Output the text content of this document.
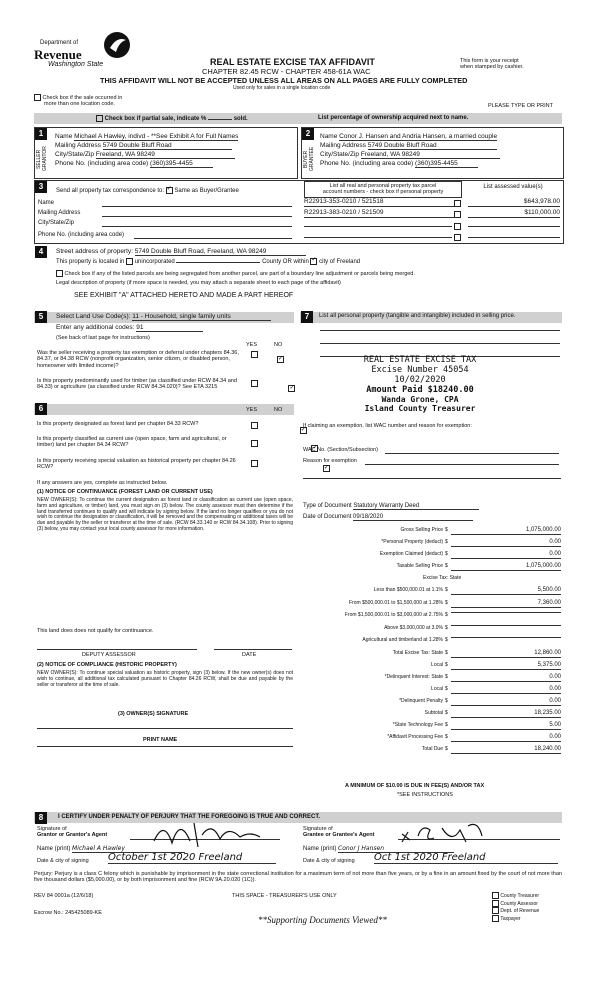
Department of
Revenue
Washington State	REAL ESTATE EXCISE TAX AFFIDAVIT
CHAPTER 82.45 RCW - CHAPTER 458-61A WAC
THIS AFFIDAVIT WILL NOT BE ACCEPTED UNLESS ALL AREAS ON ALL PAGES ARE FULLY COMPLETED
This form is your receipt
when stamped by cashier.
Used only for sales in a single location code
Check box if the sale occurred in
more than one location code.	PLEASE TYPE OR PRINT
Check box if partial sale, indicate %	sold.	List percentage of ownership acquired next to name.
1
SELLER GRANTOR
Name Michael A Hawley, indivd - **See Exhibit A for Full Names
Mailing Address 5749 Double Bluff Road
City/State/Zip Freeland, WA 98249
Phone No. (including area code) (360)395-4455
2
BUYER GRANTEE
Name Conor J. Hansen and Andria Hansen, a married couple
Mailing Address 5749 Double Bluff Road
City/State/Zip Freeland, WA 98249
Phone No. (including area code) (360)395-4455
3
Send all property tax correspondence to: ✓ Same as Buyer/Grantee
Name
Mailing Address
City/State/Zip
Phone No. (including area code)
List all real and personal property tax parcel
account numbers - check box if personal property
List assessed value(s)
R22913-353-0210 / 521518	$643,978.00
R22913-383-0210 / 521509	$110,000.00
4	Street address of property: 5749 Double Bluff Road, Freeland, WA 98249
This property is located in unincorporated	County OR within ✓ city of Freeland
Check box if any of the listed parcels are being segregated from another parcel, are part of a boundary line adjustment or parcels being merged.
Legal description of property (if more space is needed, you may attach a separate sheet to each page of the affidavit)
SEE EXHIBIT "A" ATTACHED HERETO AND MADE A PART HEREOF
5	Select Land Use Code(s): 11 - Household, single family units
Enter any additional codes: 91
(See back of last page for instructions)
YES	NO
Was the seller receiving a property tax exemption or deferral under chapters 84.36, 84.37, or 84.38 RCW (nonprofit organization, senior citizen, or disabled person, homeowner with limited income)?
✓
Is this property predominantly used for timber (as classified under RCW 84.34 and 84.33) or agriculture (as classified under RCW 84.34.020)? See ETA 3215
✓
6	YES	NO
Is this property designated as forest land per chapter 84.33 RCW?
✓
Is this property classified as current use (open space, farm and agricultural, or timber) land per chapter 84.34 RCW?
✓
Is this property receiving special valuation as historical property per chapter 84.26 RCW?
✓
If any answers are yes, complete as instructed below.
(1) NOTICE OF CONTINUANCE (FOREST LAND OR CURRENT USE)
NEW OWNER(S): To continue the current designation as forest land or classification as current use (open space, farm and agriculture, or timber) land, you must sign on (3) below. The county assessor must then determine if the land transferred continues to qualify and will indicate by signing below. If the land no longer qualifies or you do not wish to continue the designation or classification, it will be removed and the compensating or additional taxes will be due and payable by the seller or transferor at the time of sale. (RCW 84.33.140 or RCW 84.34.108). Prior to signing (3) below, you may contact your local county assessor for more information.
This land does does not qualify for continuance.
DEPUTY ASSESSOR	DATE
(2) NOTICE OF COMPLIANCE (HISTORIC PROPERTY)
NEW OWNER(S): To continue special valuation as historic property, sign (3) below. If the new owner(s) does not wish to continue, all additional tax calculated pursuant to Chapter 84.26 RCW, shall be due and payable by the seller or transferor at the time of sale.
(3) OWNER(S) SIGNATURE
PRINT NAME
7	List all personal property (tangible and intangible) included in selling price.
REAL ESTATE EXCISE TAX
Excise Number 45054
10/02/2020
Amount Paid $18240.00
Wanda Grone, CPA
Island County Treasurer
If claiming an exemption, list WAC number and reason for exemption:
WAC No. (Section/Subsection)
Reason for exemption
Type of Document Statutory Warranty Deed
Date of Document 09/18/2020
Gross Selling Price $	1,075,000.00
*Personal Property (deduct) $	0.00
Exemption Claimed (deduct) $	0.00
Taxable Selling Price $	1,075,000.00
Less than $500,000.01 at 1.1% $	5,500.00
From $500,000.01 to $1,500,000 at 1.28% $	7,360.00
From $1,500,000.01 to $3,000,000 at 2.75% $
Above $3,000,000 at 3.0% $
Agricultural and timberland at 1.28% $
Total Excise Tax: State $	12,860.00
Local $	5,375.00
*Delinquent Interest: State $	0.00
Local $	0.00
*Delinquent Penalty $	0.00
Subtotal $	18,235.00
*State Technology Fee $	5.00
*Affidavit Processing Fee $	0.00
Total Due $	18,240.00
Excise Tax: State
A MINIMUM OF $10.00 IS DUE IN FEE(S) AND/OR TAX
*SEE INSTRUCTIONS
8	I CERTIFY UNDER PENALTY OF PERJURY THAT THE FOREGOING IS TRUE AND CORRECT.
Signature of
Grantor or Grantor's Agent
Name (print) Michael A Hawley
Date & city of signing October 1st 2020 Freeland
Signature of
Grantee or Grantee's Agent
Name (print) Conor J Hansen
Date & city of signing Oct 1st 2020 Freeland
Perjury: Perjury is a class C felony which is punishable by imprisonment in the state correctional institution for a maximum term of not more than five years, or by a fine in an amount fixed by the court of not more than five thousand dollars ($5,000.00), or by both imprisonment and fine (RCW 9A.20.020 (1C)).
REV 84 0001a (12/6/18)	THIS SPACE - TREASURER'S USE ONLY
Escrow No.: 245425089-KE
County Treasurer
County Assessor
Dept. of Revenue
Taxpayer
**Supporting Documents Viewed**
